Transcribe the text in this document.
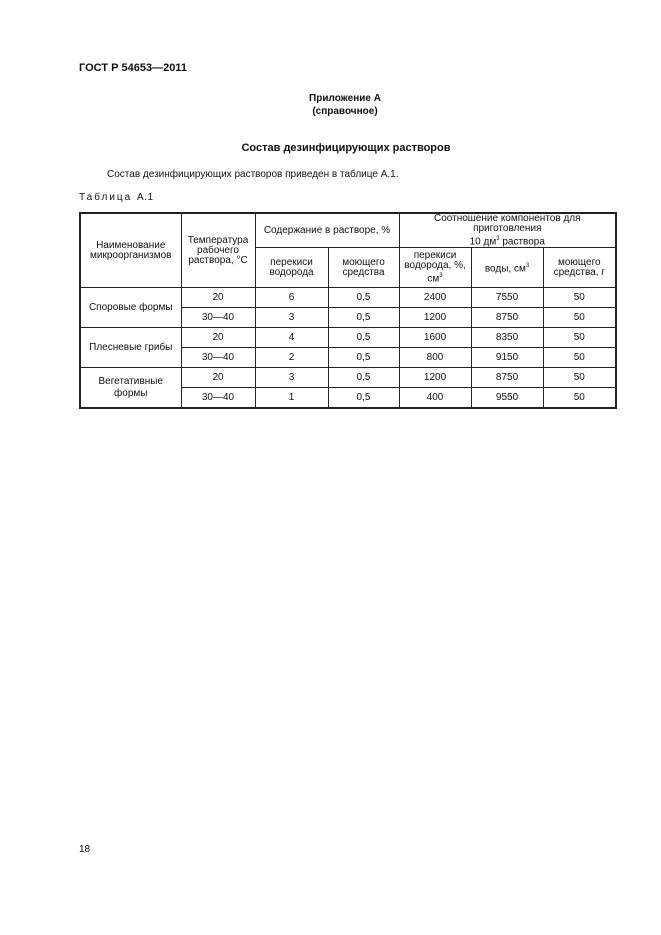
ГОСТ Р 54653—2011
Приложение А
(справочное)
Состав дезинфицирующих растворов
Состав дезинфицирующих растворов приведен в таблице А.1.
Таблица А.1
Наименование микроорганизмов	Температура рабочего раствора, °С	Содержание в растворе, %		Соотношение компонентов для приготовления
10 $дм^3$ раствора		

		перекиси водорода	моющего средства	перекиси водорода, %, $см^3$	воды, $см^3$	моющего средства, г
Споровые формы	20	6	0,5	2400	7550	50
	30—40	3	0,5	1200	8750	50
Плесневые грибы	20	4	0,5	1600	8350	50
	30—40	2	0,5	800	9150	50
Вегетативные формы	20	3	0,5	1200	8750	50
	30—40	1	0,5	400	9550	50
18
